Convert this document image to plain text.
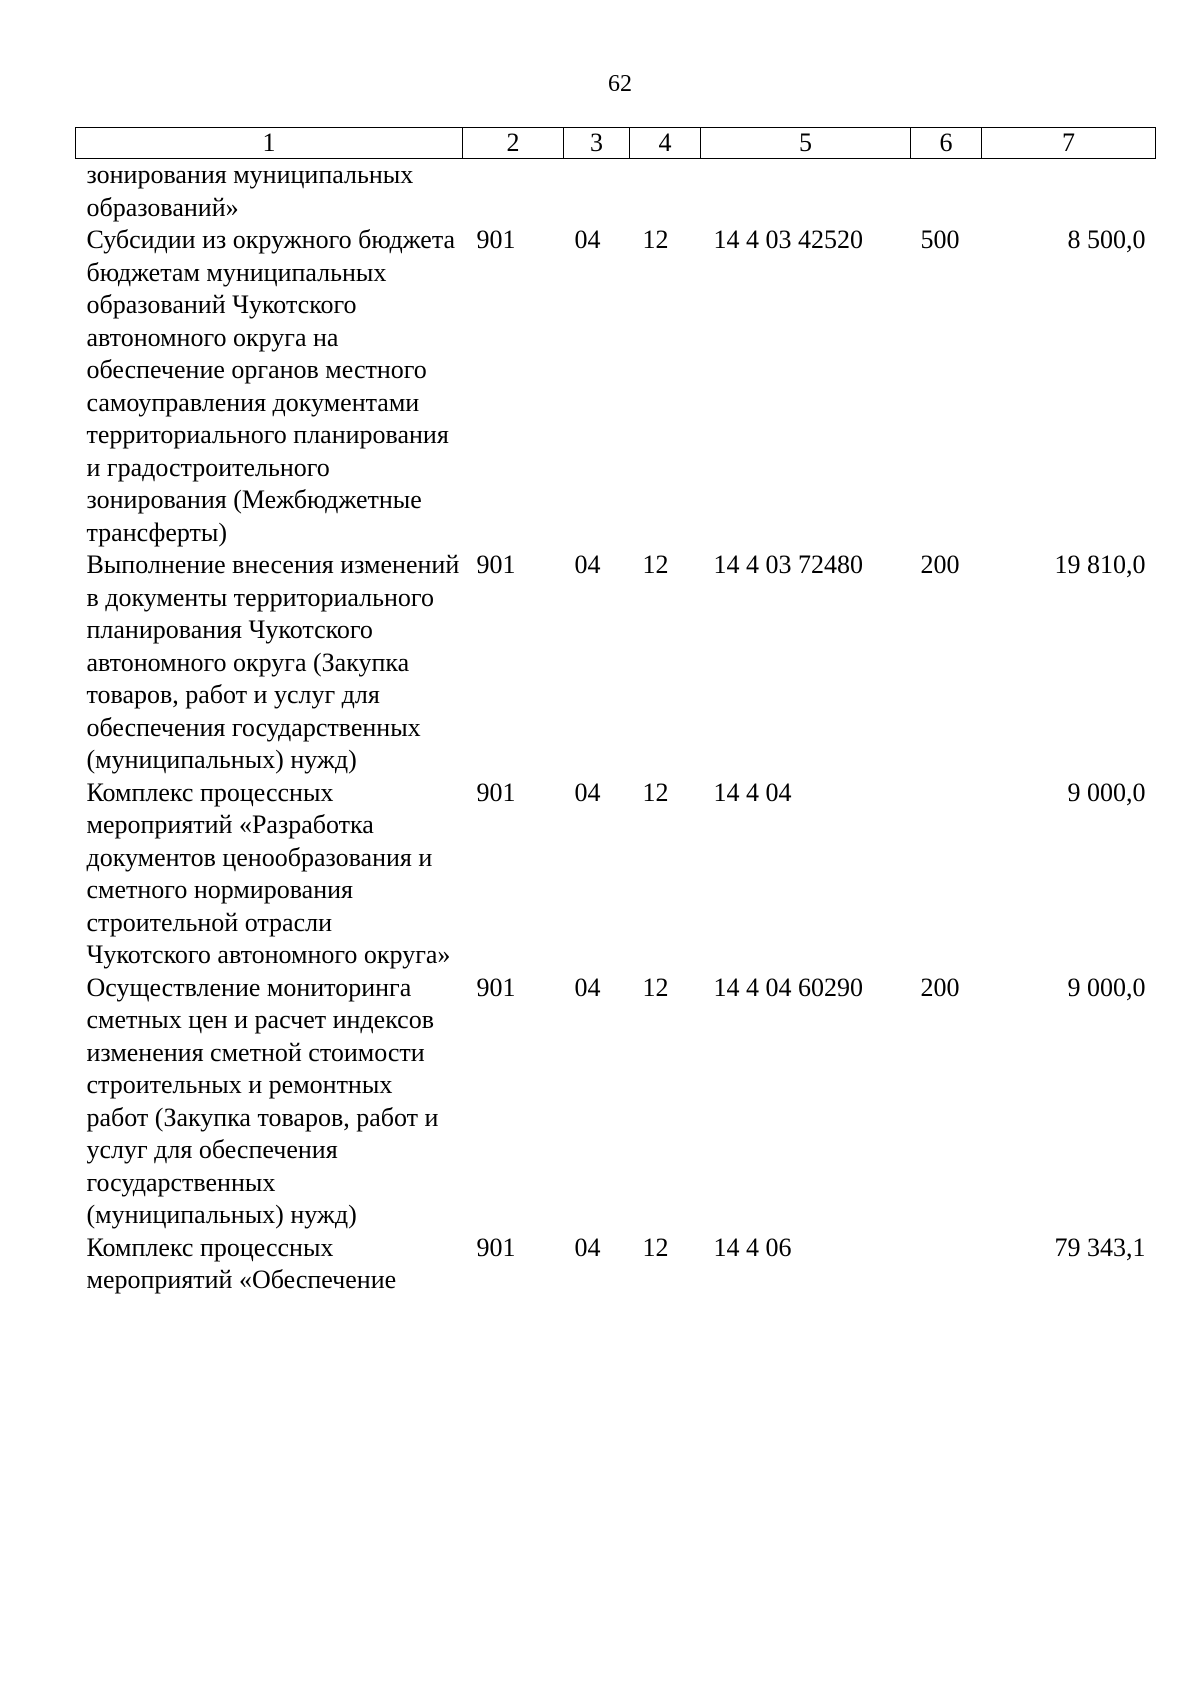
62
1	2	3	4	5	6	7
зонирования муниципальных образований»						
Субсидии из окружного бюджета бюджетам муниципальных образований Чукотского автономного округа на обеспечение органов местного самоуправления документами территориального планирования и градостроительного зонирования (Межбюджетные трансферты)	901	04	12	14 4 03 42520	500	8 500,0
Выполнение внесения изменений в документы территориального планирования Чукотского автономного округа (Закупка товаров, работ и услуг для обеспечения государственных (муниципальных) нужд)	901	04	12	14 4 03 72480	200	19 810,0
Комплекс процессных мероприятий «Разработка документов ценообразования и сметного нормирования строительной отрасли Чукотского автономного округа»	901	04	12	14 4 04		9 000,0
Осуществление мониторинга сметных цен и расчет индексов изменения сметной стоимости строительных и ремонтных работ (Закупка товаров, работ и услуг для обеспечения государственных (муниципальных) нужд)	901	04	12	14 4 04 60290	200	9 000,0
Комплекс процессных мероприятий «Обеспечение	901	04	12	14 4 06		79 343,1
